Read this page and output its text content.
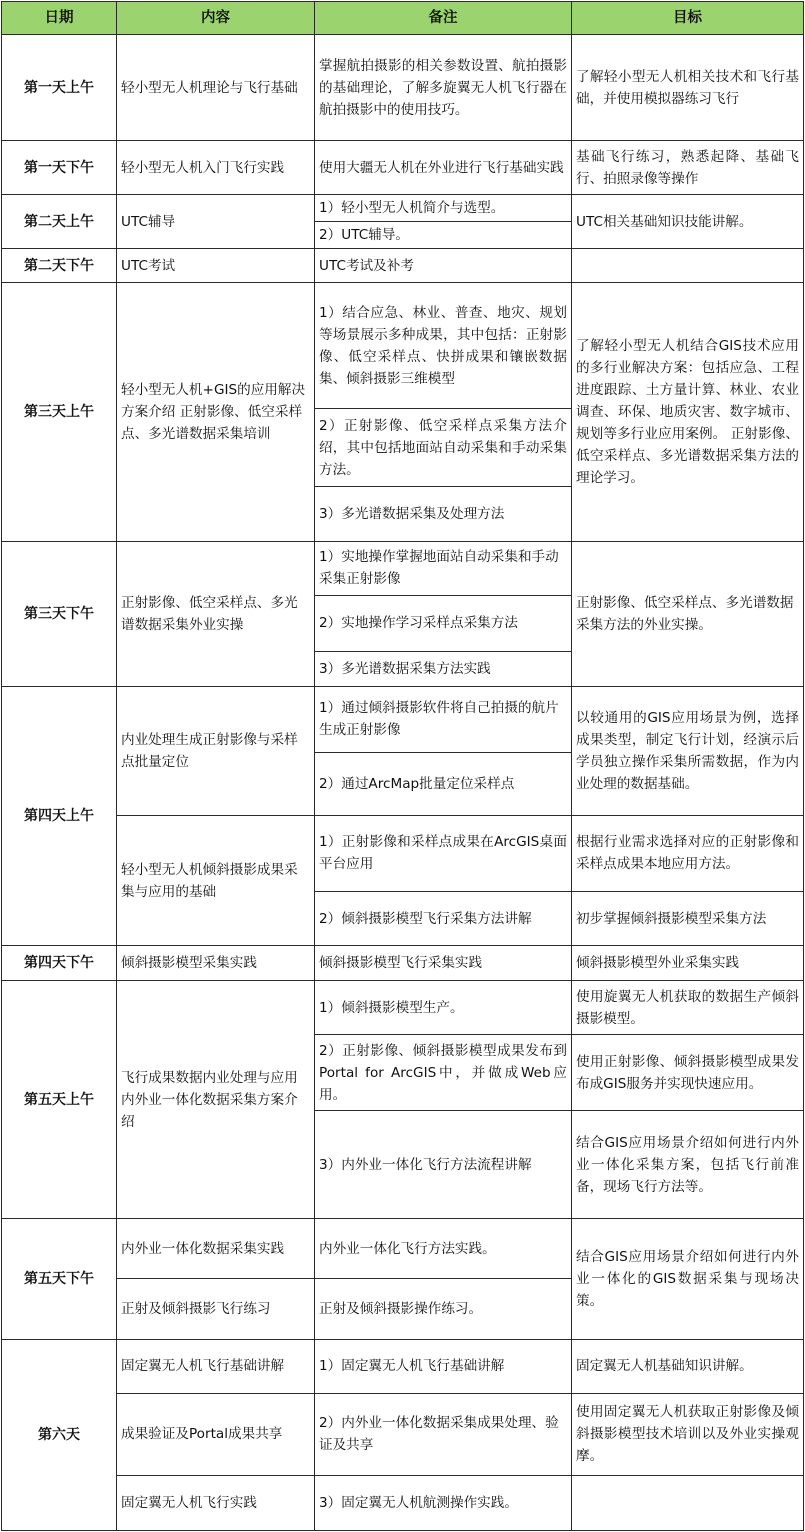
日期	内容	备注	目标
第一天上午	轻小型无人机理论与飞行基础	掌握航拍摄影的相关参数设置、航拍摄影的基础理论，了解多旋翼无人机飞行器在航拍摄影中的使用技巧。	了解轻小型无人机相关技术和飞行基础，并使用模拟器练习飞行
第一天下午	轻小型无人机入门飞行实践	使用大疆无人机在外业进行飞行基础实践	基础飞行练习，熟悉起降、基础飞行、拍照录像等操作
第二天上午	UTC辅导	1）轻小型无人机简介与选型。	UTC相关基础知识技能讲解。
		2）UTC辅导。	
第二天下午	UTC考试	UTC考试及补考	
第三天上午	轻小型无人机+GIS的应用解决方案介绍 正射影像、低空采样点、多光谱数据采集培训	1）结合应急、林业、普查、地灾、规划等场景展示多种成果，其中包括：正射影像、低空采样点、快拼成果和镶嵌数据集、倾斜摄影三维模型	了解轻小型无人机结合GIS技术应用的多行业解决方案：包括应急、工程进度跟踪、土方量计算、林业、农业调查、环保、地质灾害、数字城市、规划等多行业应用案例。 正射影像、低空采样点、多光谱数据采集方法的理论学习。
		2）正射影像、低空采样点采集方法介绍，其中包括地面站自动采集和手动采集方法。	
		3）多光谱数据采集及处理方法	
第三天下午	正射影像、低空采样点、多光谱数据采集外业实操	1）实地操作掌握地面站自动采集和手动采集正射影像	正射影像、低空采样点、多光谱数据采集方法的外业实操。
		2）实地操作学习采样点采集方法	
		3）多光谱数据采集方法实践	
第四天上午	内业处理生成正射影像与采样点批量定位	1）通过倾斜摄影软件将自己拍摄的航片生成正射影像	以较通用的GIS应用场景为例，选择成果类型，制定飞行计划，经演示后学员独立操作采集所需数据，作为内业处理的数据基础。
		2）通过ArcMap批量定位采样点	
	轻小型无人机倾斜摄影成果采集与应用的基础	1）正射影像和采样点成果在ArcGIS桌面平台应用	根据行业需求选择对应的正射影像和采样点成果本地应用方法。
		2）倾斜摄影模型飞行采集方法讲解	初步掌握倾斜摄影模型采集方法
第四天下午	倾斜摄影模型采集实践	倾斜摄影模型飞行采集实践	倾斜摄影模型外业采集实践
第五天上午	飞行成果数据内业处理与应用 内外业一体化数据采集方案介绍	1）倾斜摄影模型生产。	使用旋翼无人机获取的数据生产倾斜摄影模型。
		2）正射影像、倾斜摄影模型成果发布到Portal for ArcGIS中，并做成Web应用。	使用正射影像、倾斜摄影模型成果发布成GIS服务并实现快速应用。
		3）内外业一体化飞行方法流程讲解	结合GIS应用场景介绍如何进行内外业一体化采集方案，包括飞行前准备，现场飞行方法等。
第五天下午	内外业一体化数据采集实践	内外业一体化飞行方法实践。	结合GIS应用场景介绍如何进行内外业一体化的GIS数据采集与现场决策。
	正射及倾斜摄影飞行练习	正射及倾斜摄影操作练习。	
第六天	固定翼无人机飞行基础讲解	1）固定翼无人机飞行基础讲解	固定翼无人机基础知识讲解。
	成果验证及Portal成果共享	2）内外业一体化数据采集成果处理、验证及共享	使用固定翼无人机获取正射影像及倾斜摄影模型技术培训以及外业实操观摩。
	固定翼无人机飞行实践	3）固定翼无人机航测操作实践。	
